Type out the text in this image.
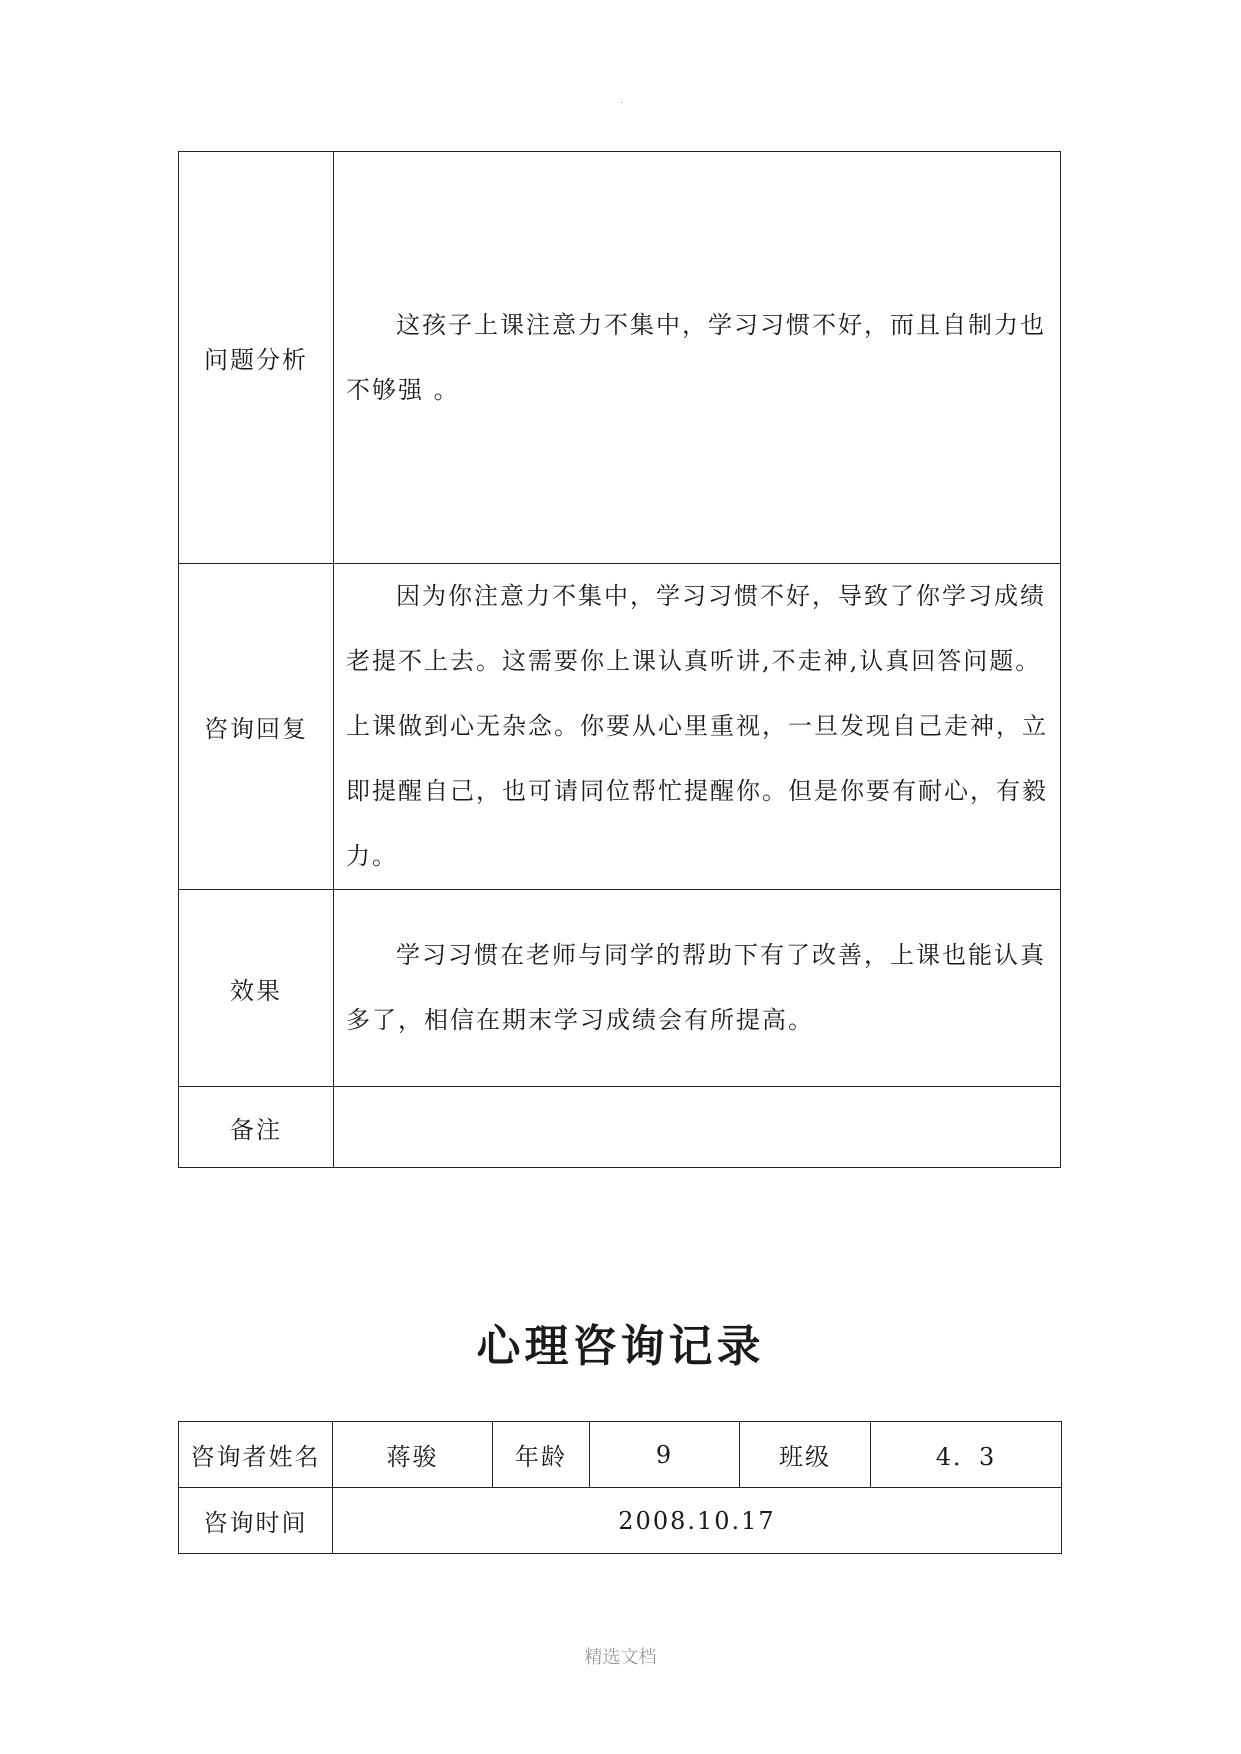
·
问题分析	这孩子上课注意力不集中，学习习惯不好，而且自制力也不够强 。

咨询回复	因为你注意力不集中，学习习惯不好，导致了你学习成绩老提不上去。这需要你上课认真听讲,不走神,认真回答问题。上课做到心无杂念。你要从心里重视，一旦发现自己走神，立即提醒自己，也可请同位帮忙提醒你。但是你要有耐心，有毅力。

效果	学习习惯在老师与同学的帮助下有了改善，上课也能认真多了，相信在期末学习成绩会有所提高。

备注	

心理咨询记录
咨询者姓名	蒋骏	年龄	9	班级	4．3
咨询时间	2008.10.17				
精选文档
